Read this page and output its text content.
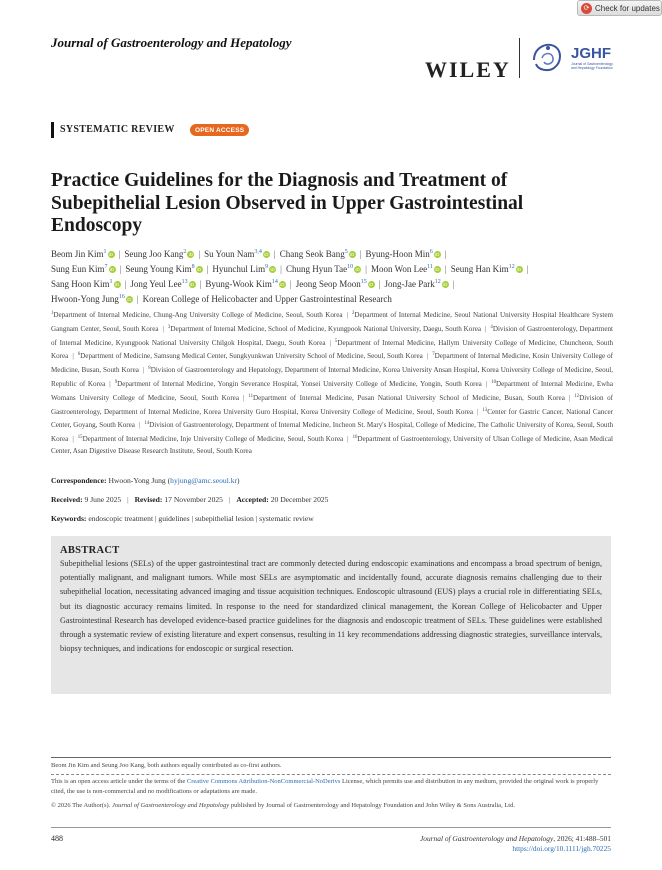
⟳ Check for updates
Journal of Gastroenterology and Hepatology
WILEY
JGHF
Journal of Gastroenterology and Hepatology Foundation
SYSTEMATIC REVIEW	OPEN ACCESS
Practice Guidelines for the Diagnosis and Treatment of Subepithelial Lesion Observed in Upper Gastrointestinal Endoscopy
Beom Jin Kim$^1$ iD | Seung Joo Kang$^2$ iD | Su Youn Nam$^{3,4}$ iD | Chang Seok Bang$^5$ iD | Byung-Hoon Min$^6$ iD |
Sung Eun Kim$^7$ iD | Seung Young Kim$^8$ iD | Hyunchul Lim$^9$ iD | Chung Hyun Tae$^{10}$ iD | Moon Won Lee$^{11}$ iD | Seung Han Kim$^{12}$ iD |
Sang Hoon Kim$^1$ iD | Jong Yeul Lee$^{13}$ iD | Byung-Wook Kim$^{14}$ iD | Jeong Seop Moon$^{15}$ iD | Jong-Jae Park$^{12}$ iD |
Hwoon-Yong Jung$^{16}$ iD | Korean College of Helicobacter and Upper Gastrointestinal Research
$^1$Department of Internal Medicine, Chung-Ang University College of Medicine, Seoul, South Korea | $^2$Department of Internal Medicine, Seoul National University Hospital Healthcare System Gangnam Center, Seoul, South Korea | $^3$Department of Internal Medicine, School of Medicine, Kyungpook National University, Daegu, South Korea | $^4$Division of Gastroenterology, Department of Internal Medicine, Kyungpook National University Chilgok Hospital, Daegu, South Korea | $^5$Department of Internal Medicine, Hallym University College of Medicine, Chuncheon, South Korea | $^6$Department of Medicine, Samsung Medical Center, Sungkyunkwan University School of Medicine, Seoul, South Korea | $^7$Department of Internal Medicine, Kosin University College of Medicine, Busan, South Korea | $^8$Division of Gastroenterology and Hepatology, Department of Internal Medicine, Korea University Ansan Hospital, Korea University College of Medicine, Seoul, Republic of Korea | $^9$Department of Internal Medicine, Yongin Severance Hospital, Yonsei University College of Medicine, Yongin, South Korea | $^{10}$Department of Internal Medicine, Ewha Womans University College of Medicine, Seoul, South Korea | $^{11}$Department of Internal Medicine, Pusan National University School of Medicine, Busan, South Korea | $^{12}$Division of Gastroenterology, Department of Internal Medicine, Korea University Guro Hospital, Korea University College of Medicine, Seoul, South Korea | $^{13}$Center for Gastric Cancer, National Cancer Center, Goyang, South Korea | $^{14}$Division of Gastroenterology, Department of Internal Medicine, Incheon St. Mary's Hospital, College of Medicine, The Catholic University of Korea, Seoul, South Korea | $^{15}$Department of Internal Medicine, Inje University College of Medicine, Seoul, South Korea | $^{16}$Department of Gastroenterology, University of Ulsan College of Medicine, Asan Medical Center, Asan Digestive Disease Research Institute, Seoul, South Korea
Correspondence: Hwoon-Yong Jung (hyjung@amc.seoul.kr)
Received: 9 June 2025 | Revised: 17 November 2025 | Accepted: 20 December 2025
Keywords: endoscopic treatment | guidelines | subepithelial lesion | systematic review
ABSTRACT
Subepithelial lesions (SELs) of the upper gastrointestinal tract are commonly detected during endoscopic examinations and encompass a broad spectrum of benign, potentially malignant, and malignant tumors. While most SELs are asymptomatic and incidentally found, accurate diagnosis remains challenging due to their subepithelial location, necessitating advanced imaging and tissue acquisition techniques. Endoscopic ultrasound (EUS) plays a crucial role in differentiating SELs, but its diagnostic accuracy remains limited. In response to the need for standardized clinical management, the Korean College of Helicobacter and Upper Gastrointestinal Research has developed evidence-based practice guidelines for the diagnosis and endoscopic treatment of SELs. These guidelines were established through a systematic review of existing literature and expert consensus, resulting in 11 key recommendations addressing diagnostic strategies, surveillance intervals, biopsy techniques, and indications for endoscopic or surgical resection.
Beom Jin Kim and Seung Joo Kang, both authors equally contributed as co-first authors.
This is an open access article under the terms of the Creative Commons Attribution-NonCommercial-NoDerivs License, which permits use and distribution in any medium, provided the original work is properly cited, the use is non-commercial and no modifications or adaptations are made.
© 2026 The Author(s). Journal of Gastroenterology and Hepatology published by Journal of Gastroenterology and Hepatology Foundation and John Wiley & Sons Australia, Ltd.
488	Journal of Gastroenterology and Hepatology, 2026; 41:488–501
https://doi.org/10.1111/jgh.70225
